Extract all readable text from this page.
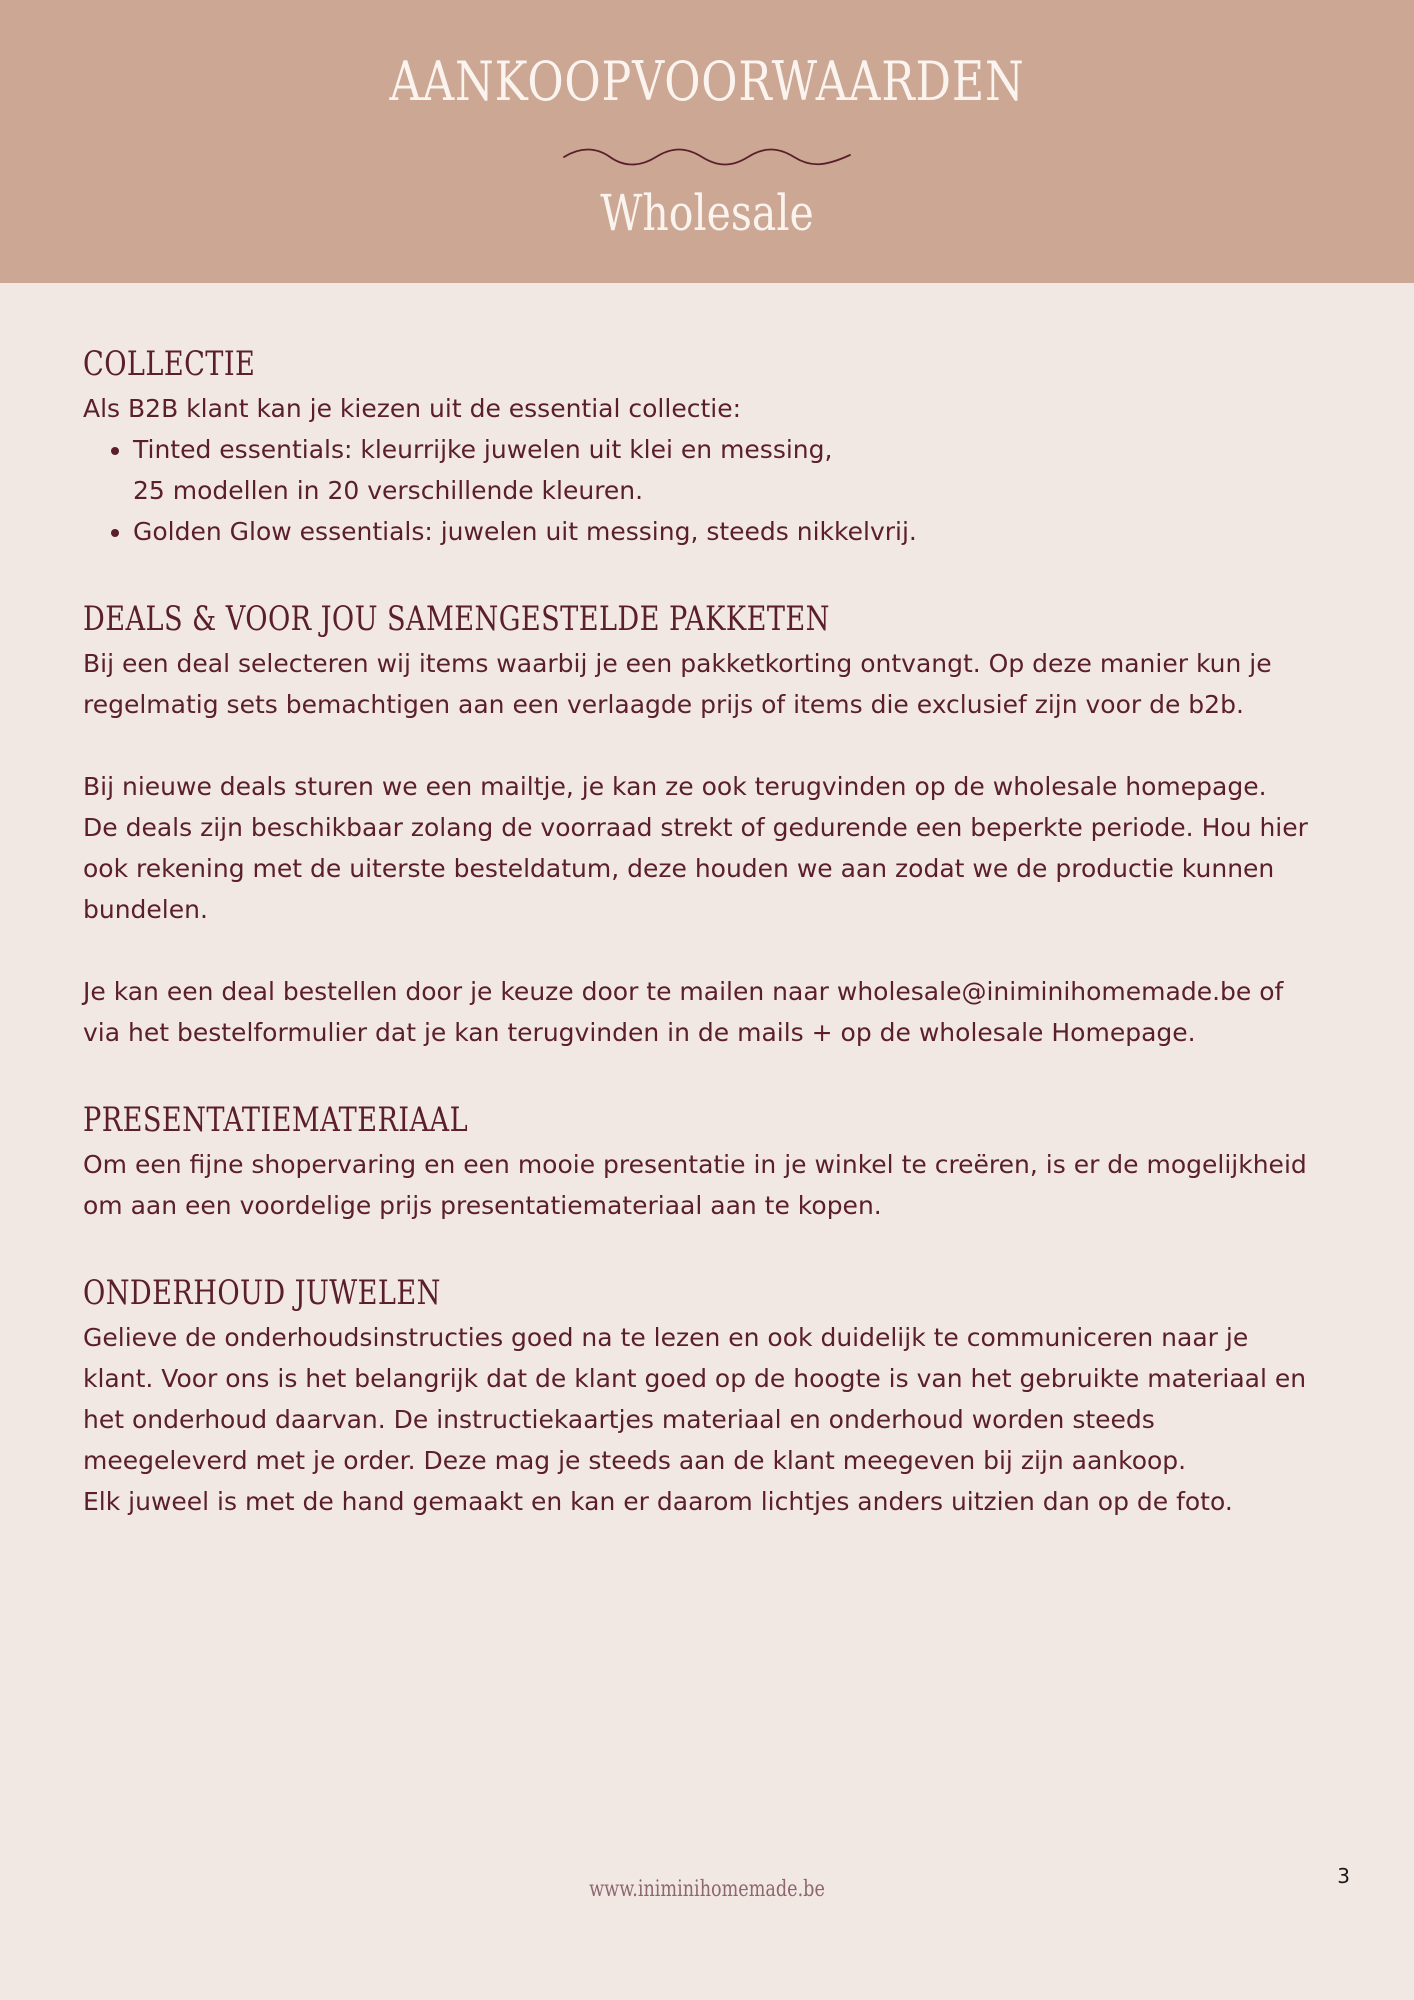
AANKOOPVOORWAARDEN
Wholesale
COLLECTIE

Als B2B klant kan je kiezen uit de essential collectie:

• Tinted essentials: kleurrijke juwelen uit klei en messing,
25 modellen in 20 verschillende kleuren.
• Golden Glow essentials: juwelen uit messing, steeds nikkelvrij.
DEALS & VOOR JOU SAMENGESTELDE PAKKETEN

Bij een deal selecteren wij items waarbij je een pakketkorting ontvangt. Op deze manier kun je
regelmatig sets bemachtigen aan een verlaagde prijs of items die exclusief zijn voor de b2b.

Bij nieuwe deals sturen we een mailtje, je kan ze ook terugvinden op de wholesale homepage.
De deals zijn beschikbaar zolang de voorraad strekt of gedurende een beperkte periode. Hou hier
ook rekening met de uiterste besteldatum, deze houden we aan zodat we de productie kunnen
bundelen.

Je kan een deal bestellen door je keuze door te mailen naar wholesale@iniminihomemade.be of
via het bestelformulier dat je kan terugvinden in de mails + op de wholesale Homepage.

PRESENTATIEMATERIAAL

Om een fijne shopervaring en een mooie presentatie in je winkel te creëren, is er de mogelijkheid
om aan een voordelige prijs presentatiemateriaal aan te kopen.

ONDERHOUD JUWELEN

Gelieve de onderhoudsinstructies goed na te lezen en ook duidelijk te communiceren naar je
klant. Voor ons is het belangrijk dat de klant goed op de hoogte is van het gebruikte materiaal en
het onderhoud daarvan. De instructiekaartjes materiaal en onderhoud worden steeds
meegeleverd met je order. Deze mag je steeds aan de klant meegeven bij zijn aankoop.
Elk juweel is met de hand gemaakt en kan er daarom lichtjes anders uitzien dan op de foto.

www.iniminihomemade.be
3
